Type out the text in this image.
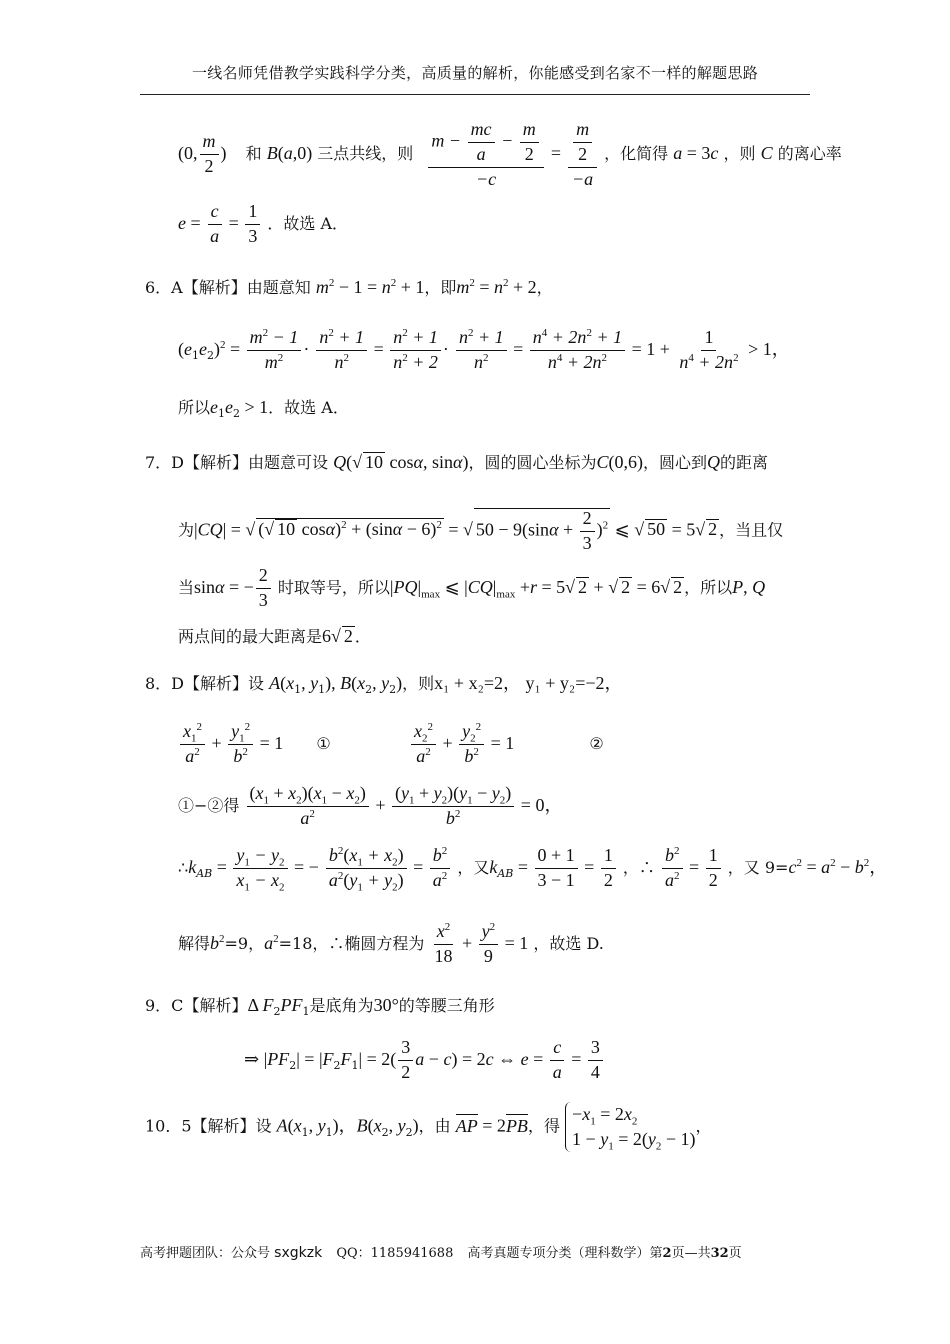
一线名师凭借教学实践科学分类，高质量的解析，你能感受到名家不一样的解题思路
(0, $\frac{m}{2}$ ) 和 B(a,0) 三点共线，则 $\frac{m - \frac{mc}{a} - \frac{m}{2}}{-c} = \frac{\frac{m}{2}}{-a}$ ，化简得 a = 3c ，则 C 的离心率
$e = \frac{c}{a} = \frac{1}{3}$ ．故选 A．
6．A【解析】由题意知 $m^2 - 1 = n^2 + 1$，即$m^2 = n^2 + 2$，
$(e_1e_2)^2 = \frac{m^2 - 1}{m^2} \cdot \frac{n^2 + 1}{n^2} = \frac{n^2 + 1}{n^2 + 2} \cdot \frac{n^2 + 1}{n^2} = \frac{n^4 + 2n^2 + 1}{n^4 + 2n^2} = 1 + \frac{1}{n^4 + 2n^2} > 1$，
所以$e_1e_2 > 1$．故选 A．
7．D【解析】由题意可设 Q(√ 10 cosα, sinα)，圆的圆心坐标为C(0,6)，圆心到Q的距离
为|CQ| = √ (√ 10 $\cos\alpha)^2 + (\sin\alpha - 6)^2$ = √ $50 - 9(\sin\alpha + \frac{2}{3} )^2$ ⩽ √ 50 = 5√ 2 ，当且仅
当sinα = − $\frac{2}{3}$ 时取等号，所以$|PQ|_{max}$ ⩽ $|CQ|_{max} +r = 5√$ 2 + √ 2 = 6√ 2 ，所以P, Q
两点间的最大距离是6√ 2 ．
8．D【解析】设 $A(x_1$, $y_1$), $B(x_2$, $y_2$)，则x₁ + x₂=2， y₁ + y₂=−2，
$\frac{x_1^2}{a^2} + \frac{y_1^2}{b^2} = 1$ ①	$\frac{x_2^2}{a^2} + \frac{y_2^2}{b^2} = 1$	②
①−②得 $\frac{(x_1 + x_2)(x_1 - x_2)}{a^2} + \frac{(y_1 + y_2)(y_1 - y_2)}{b^2} = 0$，
$\therefore k_{AB} = \frac{y_1 - y_2}{x_1 - x_2}$ = − $\frac{b^2(x_1 + x_2)}{a^2(y_1 + y_2)} = \frac{b^2}{a^2}$ ，又$k_{AB} = \frac{0 + 1}{3 - 1} = \frac{1}{2}$ ，∴ $\frac{b^2}{a^2} = \frac{1}{2}$ ，又 $9=c^2 = a^2 - b^2$，
解得$b^2=9$，$a^2=18$，∴椭圆方程为 $\frac{x^2}{18} + \frac{y^2}{9} = 1$ ，故选 D.
9．C【解析】Δ $F_2PF_1$是底角为30°的等腰三角形
⇒ $|PF_2| = |F_2F_1| = 2( \frac{3}{2}$ a − c) = 2c ⇔ $e = \frac{c}{a} = \frac{3}{4}$
10．5【解析】设 $A(x_1$, $y_1$)，$B(x_2$, $y_2$)，由 AP = 2PB，得
$-x_1 = 2x_2$
$1 - y_1 = 2(y_2 - 1)$
，
高考押题团队：公众号 sxgkzk QQ：1185941688 高考真题专项分类（理科数学）第2页—共32页
